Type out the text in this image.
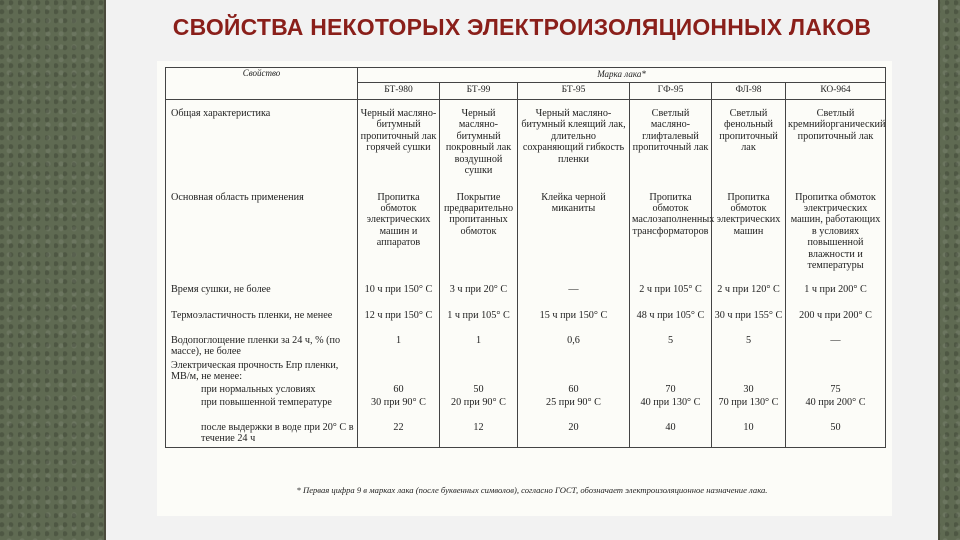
СВОЙСТВА НЕКОТОРЫХ ЭЛЕКТРОИЗОЛЯЦИОННЫХ ЛАКОВ
Свойство	Марка лака*					
	БТ-980	БТ-99	БТ-95	ГФ-95	ФЛ-98	КО-964
Общая характеристика	Черный масляно-битумный пропиточный лак горячей сушки	Черный масляно-битумный покровный лак воздушной сушки	Черный масляно-битумный клеящий лак, длительно сохраняющий гибкость пленки	Светлый масляно-глифталевый пропиточный лак	Светлый фенольный пропиточный лак	Светлый кремнийорганический пропиточный лак
Основная область применения	Пропитка обмоток электрических машин и аппаратов	Покрытие предварительно пропитанных обмоток	Клейка черной миканиты	Пропитка обмоток маслозаполненных трансформаторов	Пропитка обмоток электрических машин	Пропитка обмоток электрических машин, работающих в условиях повышенной влажности и температуры
Время сушки, не более	10 ч при 150° С	3 ч при 20° С	—	2 ч при 105° С	2 ч при 120° С	1 ч при 200° С
Термоэластичность пленки, не менее	12 ч при 150° С	1 ч при 105° С	15 ч при 150° С	48 ч при 105° С	30 ч при 155° С	200 ч при 200° С
Водопоглощение пленки за 24 ч, % (по массе), не более	1	1	0,6	5	5	—
Электрическая прочность Eпр пленки, МВ/м, не менее:						

при нормальных условиях	60	50	60	70	30	75

при повышенной температуре	30 при 90° С	20 при 90° С	25 при 90° С	40 при 130° С	70 при 130° С	40 при 200° С

после выдержки в воде при 20° С в течение 24 ч	22	12	20	40	10	50
* Первая цифра 9 в марках лака (после буквенных символов), согласно ГОСТ, обозначает электроизоляционное назначение лака.
